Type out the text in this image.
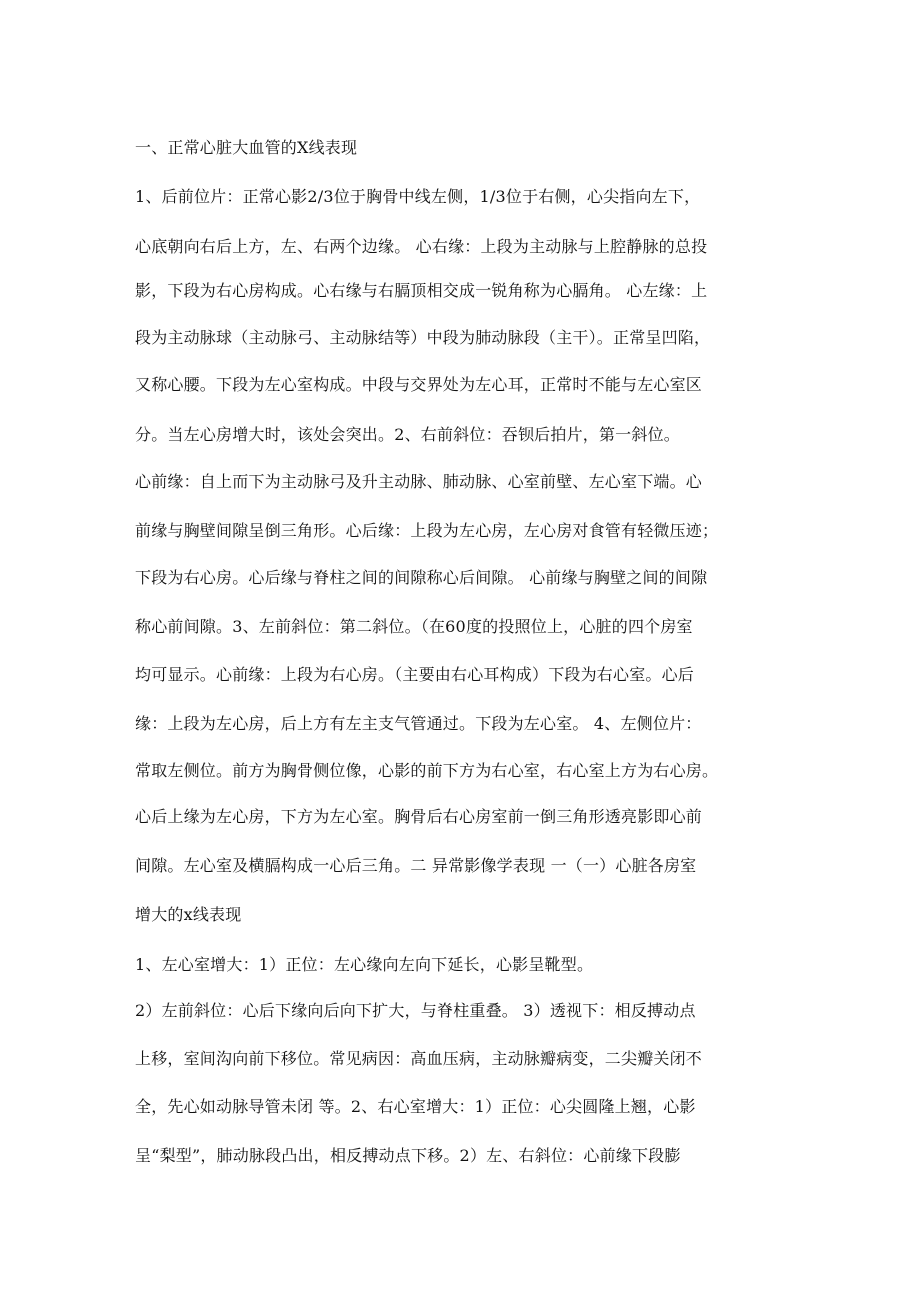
一、正常心脏大血管的X线表现
1、后前位片：正常心影2/3位于胸骨中线左侧，1/3位于右侧，心尖指向左下，
心底朝向右后上方，左、右两个边缘。 心右缘：上段为主动脉与上腔静脉的总投
影，下段为右心房构成。心右缘与右膈顶相交成一锐角称为心膈角。 心左缘：上
段为主动脉球（主动脉弓、主动脉结等）中段为肺动脉段（主干）。正常呈凹陷，
又称心腰。下段为左心室构成。中段与交界处为左心耳，正常时不能与左心室区
分。当左心房增大时，该处会突出。2、右前斜位：吞钡后拍片，第一斜位。
心前缘：自上而下为主动脉弓及升主动脉、肺动脉、心室前壁、左心室下端。心
前缘与胸壁间隙呈倒三角形。心后缘：上段为左心房，左心房对食管有轻微压迹；
下段为右心房。心后缘与脊柱之间的间隙称心后间隙。 心前缘与胸壁之间的间隙
称心前间隙。3、左前斜位：第二斜位。（在60度的投照位上，心脏的四个房室
均可显示。心前缘：上段为右心房。（主要由右心耳构成）下段为右心室。心后
缘：上段为左心房，后上方有左主支气管通过。下段为左心室。 4、左侧位片：
常取左侧位。前方为胸骨侧位像，心影的前下方为右心室，右心室上方为右心房。
心后上缘为左心房，下方为左心室。胸骨后右心房室前一倒三角形透亮影即心前
间隙。左心室及横膈构成一心后三角。二 异常影像学表现 一（一）心脏各房室
增大的x线表现
1、左心室增大：1）正位：左心缘向左向下延长，心影呈靴型。
2）左前斜位：心后下缘向后向下扩大，与脊柱重叠。 3）透视下：相反搏动点
上移，室间沟向前下移位。常见病因：高血压病，主动脉瓣病变，二尖瓣关闭不
全，先心如动脉导管未闭 等。2、右心室增大：1）正位：心尖圆隆上翘，心影
呈“梨型”，肺动脉段凸出，相反搏动点下移。2）左、右斜位：心前缘下段膨
